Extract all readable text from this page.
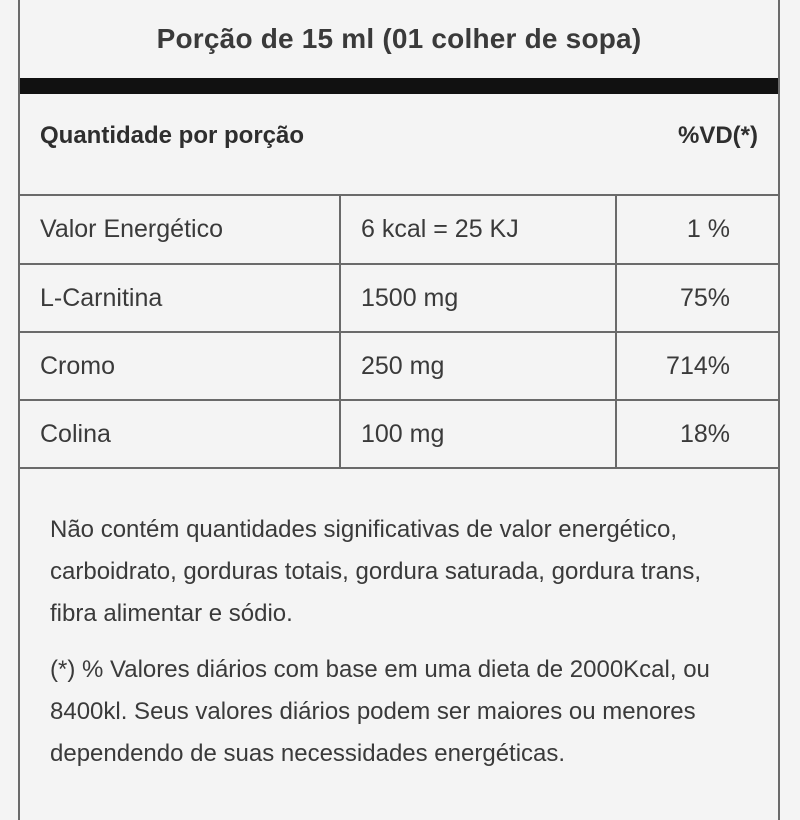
Porção de 15 ml (01 colher de sopa)
Quantidade por porção	%VD(*)
Valor Energético	6 kcal = 25 KJ	1 %
L-Carnitina	1500 mg	75%
Cromo	250 mg	714%
Colina	100 mg	18%

Não contém quantidades significativas de valor energético, carboidrato, gorduras totais, gordura saturada, gordura trans, fibra alimentar e sódio.

(*) % Valores diários com base em uma dieta de 2000Kcal, ou 8400kl. Seus valores diários podem ser maiores ou menores dependendo de suas necessidades energéticas.
